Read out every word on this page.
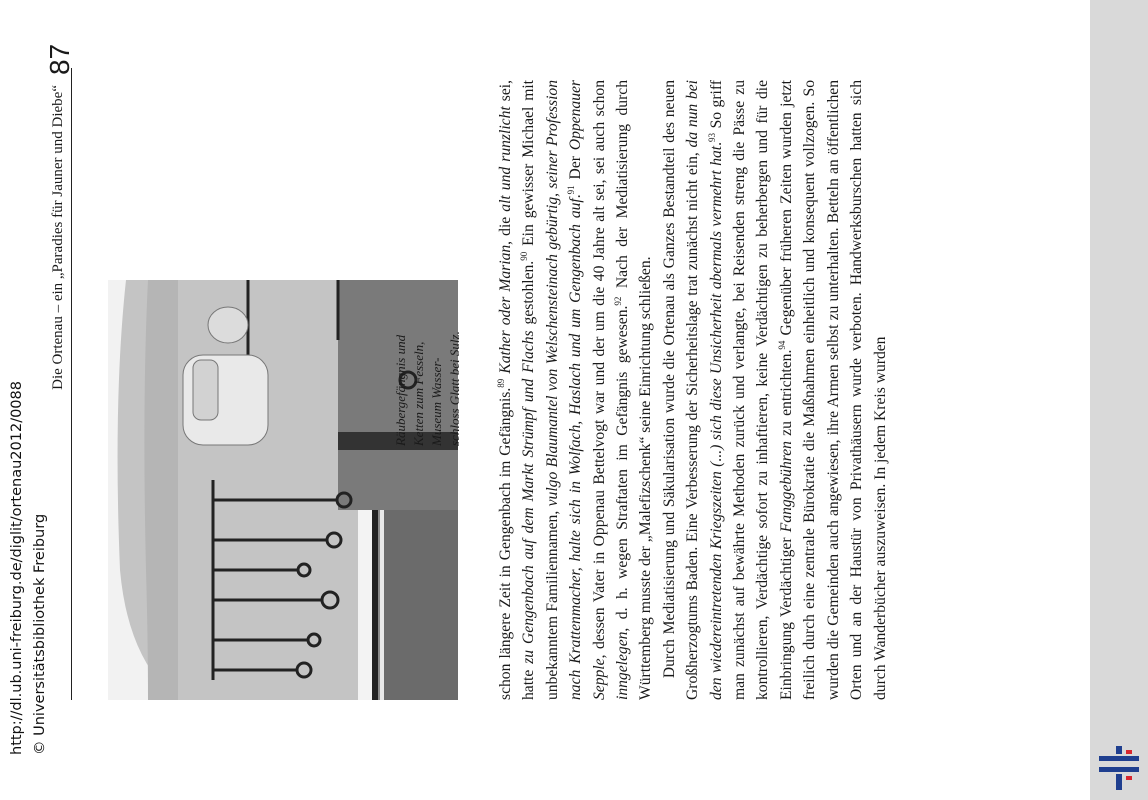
Die Ortenau – ein „Paradies für Jauner und Diebe“
87
Räubergefängnis und Ketten zum Fesseln, Museum Wasser- schloss Glatt bei Sulz. schon längere Zeit in Gengenbach im Gefängnis.$^{89}$ Kather oder Marian, die alt und runzlicht sei, hatte zu Gengenbach auf dem Markt Strümpf und Flachs gestohlen.$^{90}$ Ein gewisser Michael mit unbekanntem Familiennamen, vulgo Blaumantel von Welschensteinach gebürtig, seiner Profession nach Krattenmacher, halte sich in Wolfach, Haslach und um Gengenbach auf.$^{91}$ Der Oppenauer Sepple, dessen Vater in Oppenau Bettelvogt war und der um die 40 Jahre alt sei, sei auch schon inngelegen, d. h. wegen Straftaten im Gefängnis gewesen.$^{92}$ Nach der Mediatisierung durch Württemberg musste der „Malefizschenk“ seine Einrichtung schließen. Durch Mediatisierung und Säkularisation wurde die Ortenau als Ganzes Bestandteil des neuen Großherzogtums Baden. Eine Verbesserung der Sicherheitslage trat zunächst nicht ein, da nun bei den wiedereintretenden Kriegszeiten (...) sich diese Unsicherheit abermals vermehrt hat.$^{93}$ So griff man zunächst auf bewährte Methoden zurück und verlangte, bei Reisenden streng die Pässe zu kontrollieren, Verdächtige sofort zu inhaftieren, keine Verdächtigen zu beherbergen und für die Einbringung Verdächtiger Fanggebühren zu entrichten.$^{94}$ Gegenüber früheren Zeiten wurden jetzt freilich durch eine zentrale Bürokratie die Maßnahmen einheitlich und konsequent vollzogen. So wurden die Gemeinden auch angewiesen, ihre Armen selbst zu unterhalten. Betteln an öffentlichen Orten und an der Haustür von Privathäusern wurde verboten. Handwerksburschen hatten sich durch Wanderbücher auszuweisen. In jedem Kreis wurden

http://dl.ub.uni-freiburg.de/diglit/ortenau2012/0088 © Universitätsbibliothek Freiburg
